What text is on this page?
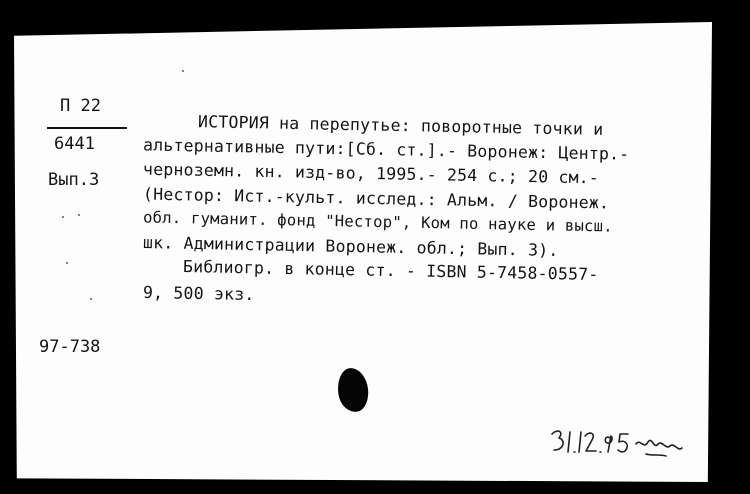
П 22
6441
Вып.3
97-738
ИСТОРИЯ на перепутье: поворотные точки и
альтернативные пути:[Сб. ст.].- Воронеж: Центр.-
черноземн. кн. изд-во, 1995.- 254 с.; 20 см.-
(Нестор: Ист.-культ. исслед.: Альм. / Воронеж.
обл. гуманит. фонд "Нестор", Ком по науке и высш.
шк. Администрации Воронеж. обл.; Вып. 3).
Библиогр. в конце ст. - ISBN 5-7458-0557-
9, 500 экз.
